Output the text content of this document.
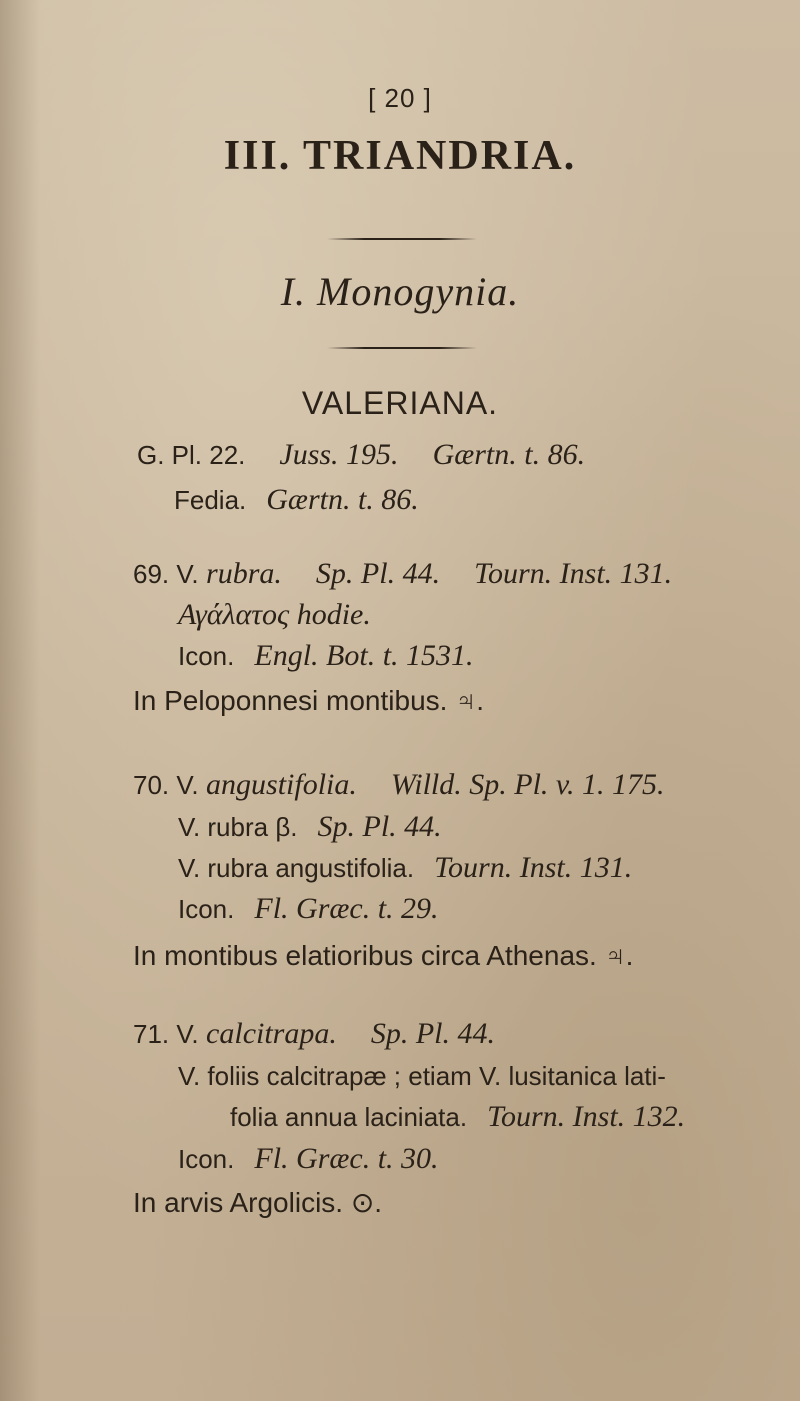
[ 20 ]
III. TRIANDRIA.
I. Monogynia.
VALERIANA.
G. Pl. 22. Juss. 195. Gærtn. t. 86.
Fedia. Gærtn. t. 86.
69. V. rubra. Sp. Pl. 44. Tourn. Inst. 131.
Αγάλατος hodie.
Icon. Engl. Bot. t. 1531.
In Peloponnesi montibus. ♃.
70. V. angustifolia. Willd. Sp. Pl. v. 1. 175.
V. rubra β. Sp. Pl. 44.
V. rubra angustifolia. Tourn. Inst. 131.
Icon. Fl. Græc. t. 29.
In montibus elatioribus circa Athenas. ♃.
71. V. calcitrapa. Sp. Pl. 44.
V. foliis calcitrapæ ; etiam V. lusitanica lati-
folia annua laciniata. Tourn. Inst. 132.
Icon. Fl. Græc. t. 30.
In arvis Argolicis. ⊙.
